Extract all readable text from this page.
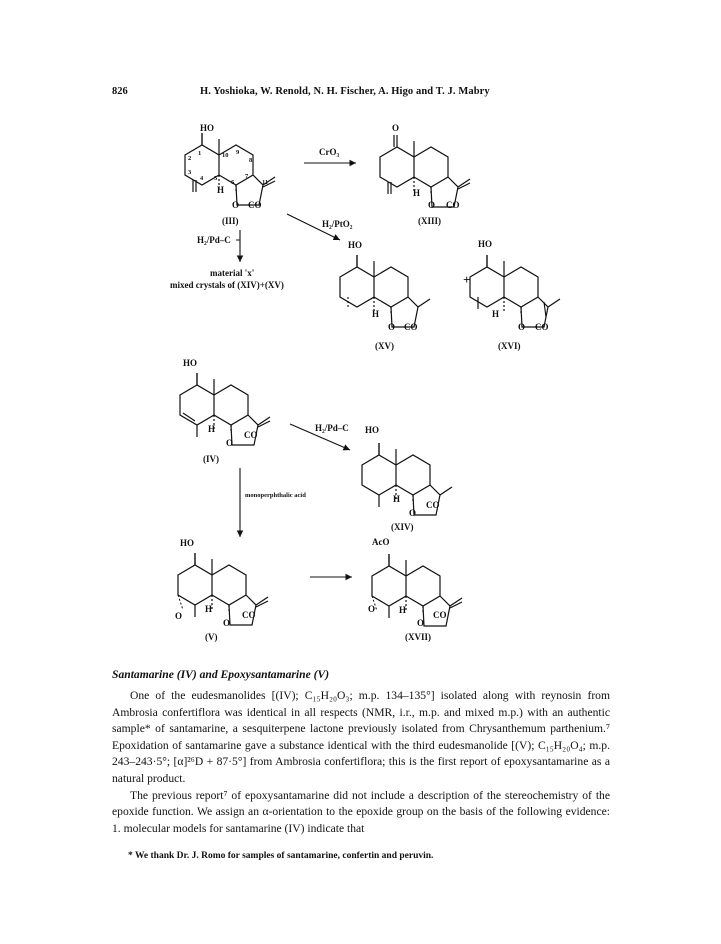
826	H. Yoshioka, W. Renold, N. H. Fischer, A. Higo and T. J. Mabry
HO
2
1	10 9
8
3
4 5
6
7
11
H
O CO
(III)
CrO₃
O
H
O CO
(XIII)
H₂/PtO₂
H₂/Pd–C
material 'x'
mixed crystals of (XIV)+(XV)
HO
H
O CO
(XV)
+
HO
H
O CO
(XVI)
HO
H
O
CO
(IV)
H₂/Pd–C HO
H
O
CO
(XIV)
monoperphthalic acid
HO
O
H
O
CO
(V)
AcO
O	H
O
CO
(XVII)
Santamarine (IV) and Epoxysantamarine (V)

One of the eudesmanolides [(IV); C₁₅H₂₀O₃; m.p. 134–135°] isolated along with reynosin from Ambrosia confertiflora was identical in all respects (NMR, i.r., m.p. and mixed m.p.) with an authentic sample* of santamarine, a sesquiterpene lactone previously isolated from Chrysanthemum parthenium.⁷ Epoxidation of santamarine gave a substance identical with the third eudesmanolide [(V); C₁₅H₂₀O₄; m.p. 243–243·5°; [α]²⁶D + 87·5°] from Ambrosia confertiflora; this is the first report of epoxysantamarine as a natural product.

The previous report⁷ of epoxysantamarine did not include a description of the stereochemistry of the epoxide function. We assign an α-orientation to the epoxide group on the basis of the following evidence: 1. molecular models for santamarine (IV) indicate that

* We thank Dr. J. Romo for samples of santamarine, confertin and peruvin.
